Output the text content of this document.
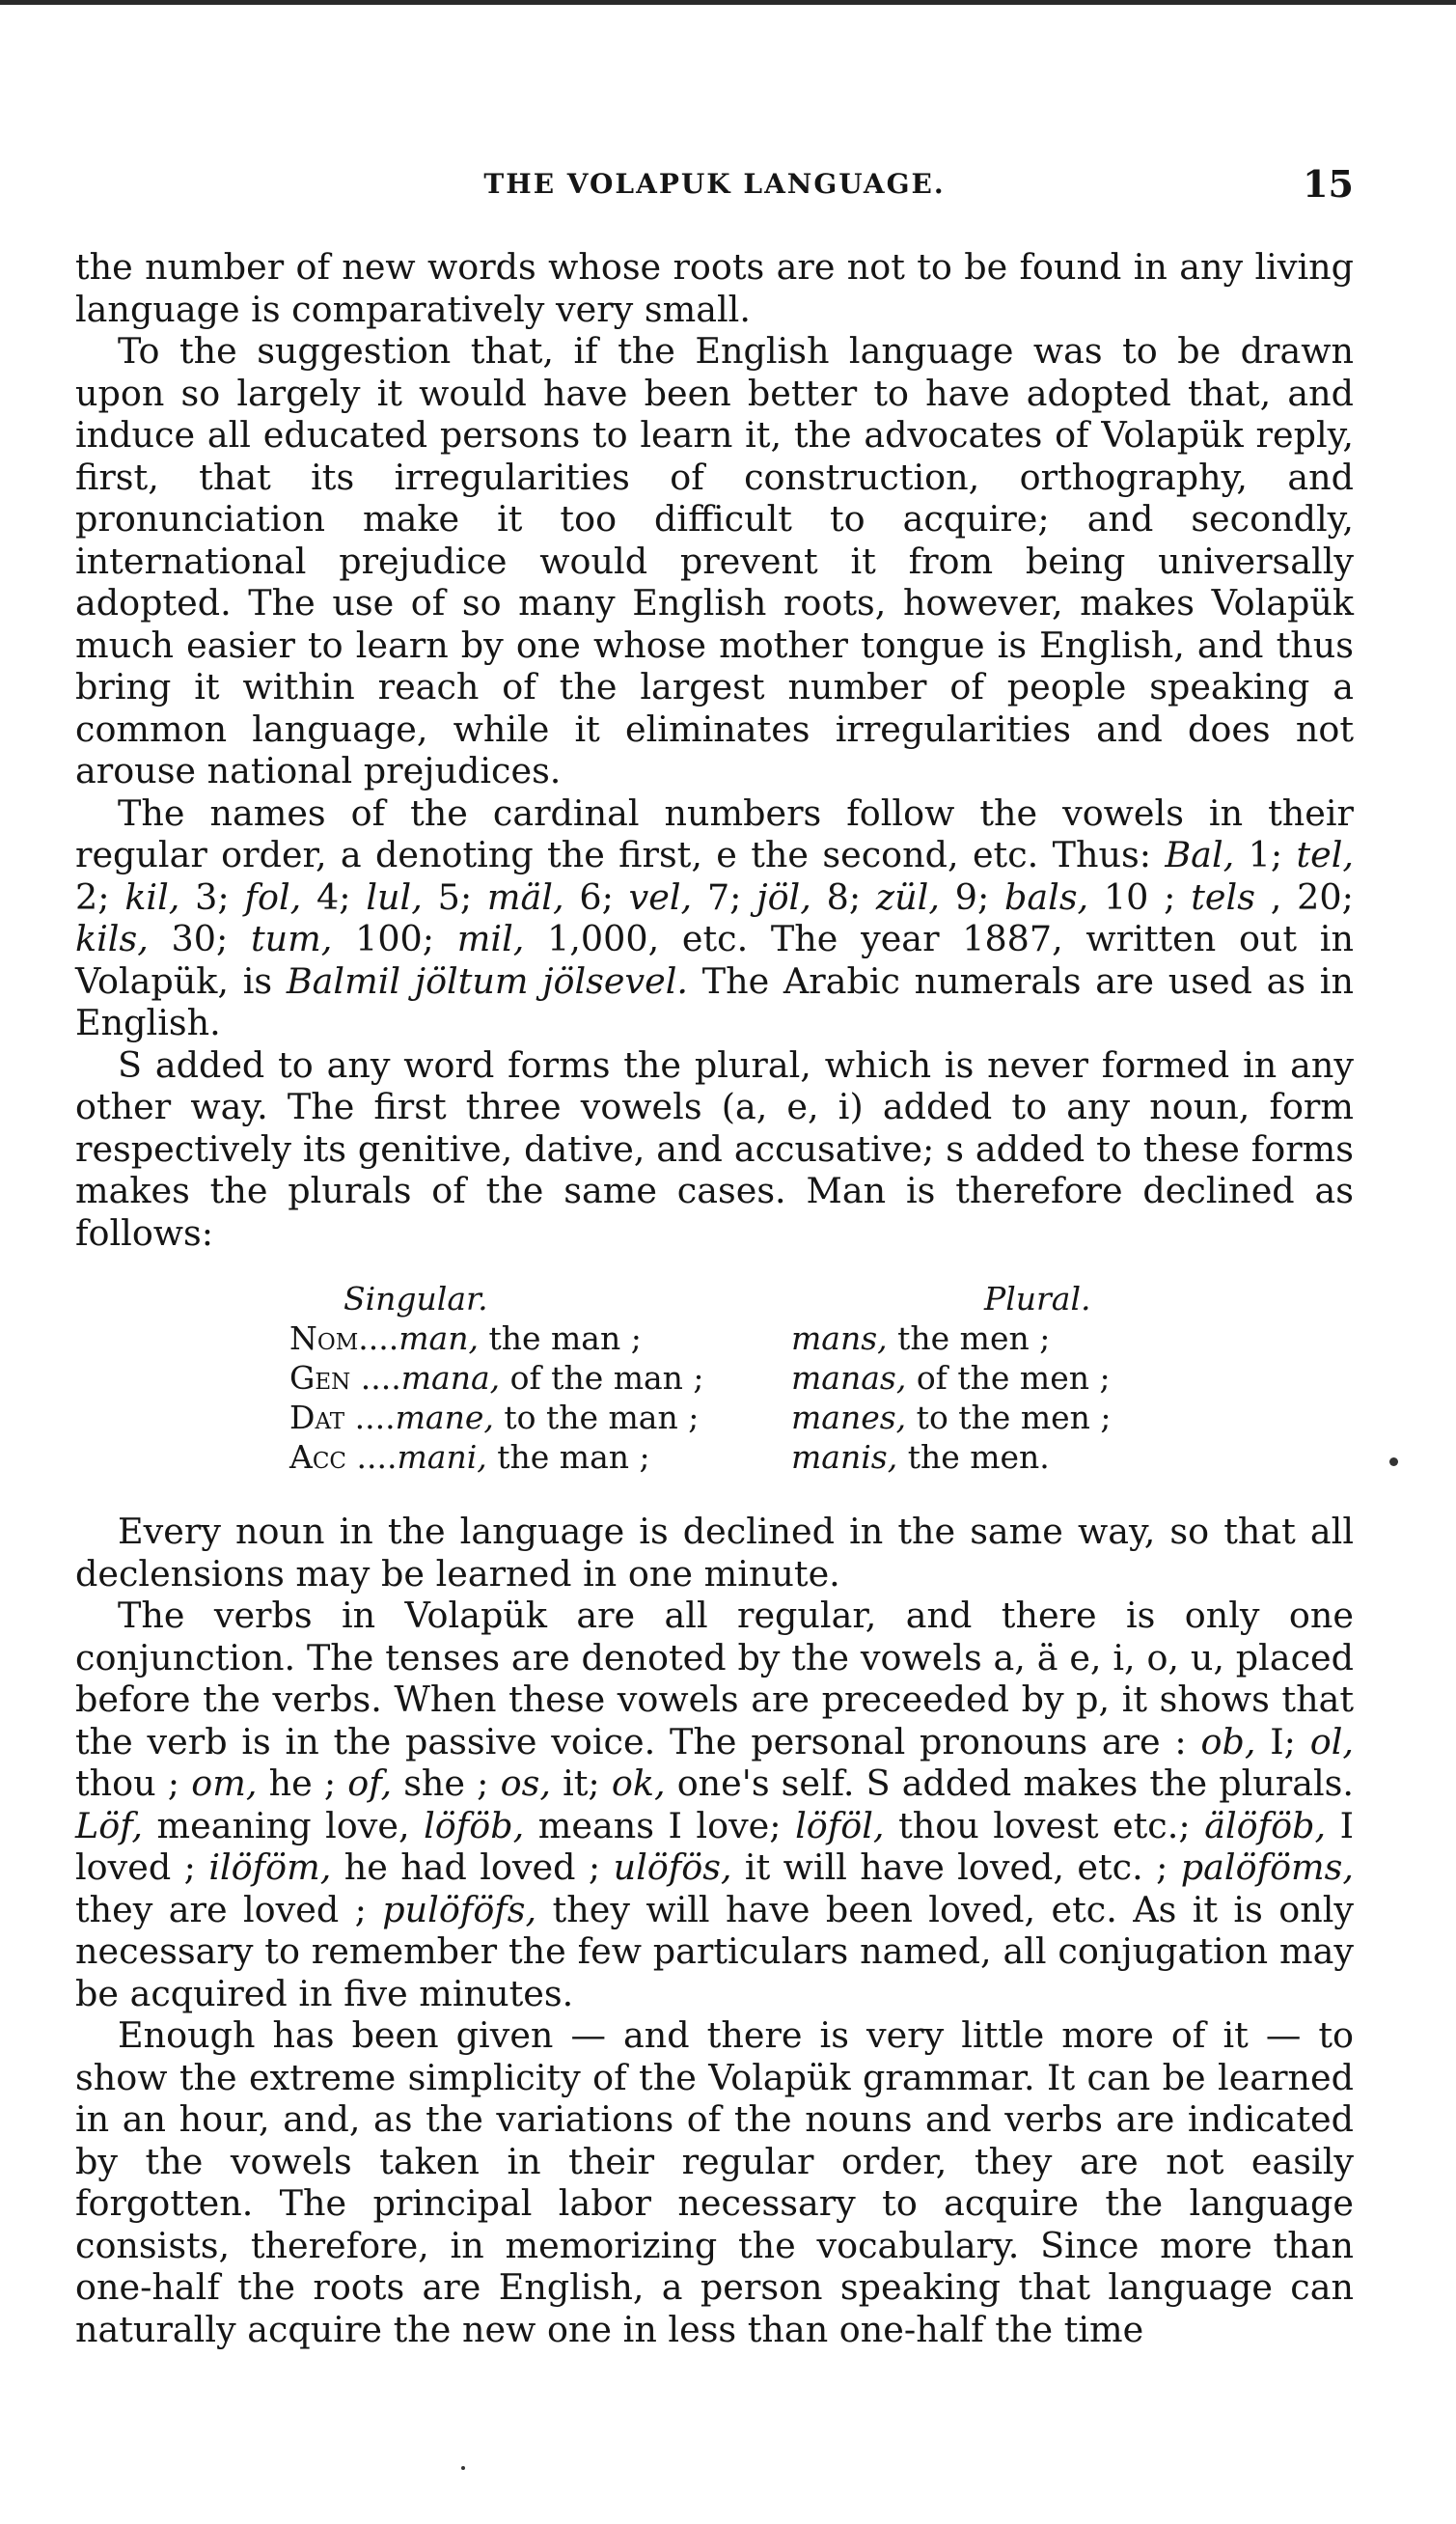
THE VOLAPUK LANGUAGE.	15

the number of new words whose roots are not to be found in any living language is comparatively very small.

To the suggestion that, if the English language was to be drawn upon so largely it would have been better to have adopted that, and induce all educated persons to learn it, the advocates of Volapük reply, first, that its irregularities of construction, orthography, and pronunciation make it too difficult to acquire; and secondly, international prejudice would prevent it from being universally adopted. The use of so many English roots, however, makes Volapük much easier to learn by one whose mother tongue is English, and thus bring it within reach of the largest number of people speaking a common language, while it eliminates irregularities and does not arouse national prejudices.

The names of the cardinal numbers follow the vowels in their regular order, a denoting the first, e the second, etc. Thus: Bal, 1; tel, 2; kil, 3; fol, 4; lul, 5; mäl, 6; vel, 7; jöl, 8; zül, 9; bals, 10 ; tels , 20; kils, 30; tum, 100; mil, 1,000, etc. The year 1887, written out in Volapük, is Balmil jöltum jölsevel. The Arabic numerals are used as in English.

S added to any word forms the plural, which is never formed in any other way. The first three vowels (a, e, i) added to any noun, form respectively its genitive, dative, and accusative; s added to these forms makes the plurals of the same cases. Man is therefore declined as follows:

Singular.	Plural.
Nom....man, the man ;	mans, the men ;
Gen ....mana, of the man ;	manas, of the men ;
Dat ....mane, to the man ;	manes, to the men ;
Acc ....mani, the man ;	manis, the men.

Every noun in the language is declined in the same way, so that all declensions may be learned in one minute.

The verbs in Volapük are all regular, and there is only one conjunction. The tenses are denoted by the vowels a, ä e, i, o, u, placed before the verbs. When these vowels are preceeded by p, it shows that the verb is in the passive voice. The personal pronouns are : ob, I; ol, thou ; om, he ; of, she ; os, it; ok, one's self. S added makes the plurals. Löf, meaning love, löföb, means I love; löföl, thou lovest etc.; älöföb, I loved ; ilöföm, he had loved ; ulöfös, it will have loved, etc. ; palöföms, they are loved ; pulöföfs, they will have been loved, etc. As it is only necessary to remember the few particulars named, all conjugation may be acquired in five minutes.

Enough has been given — and there is very little more of it — to show the extreme simplicity of the Volapük grammar. It can be learned in an hour, and, as the variations of the nouns and verbs are indicated by the vowels taken in their regular order, they are not easily forgotten. The principal labor necessary to acquire the language consists, therefore, in memorizing the vocabulary. Since more than one-half the roots are English, a person speaking that language can naturally acquire the new one in less than one-half the time
